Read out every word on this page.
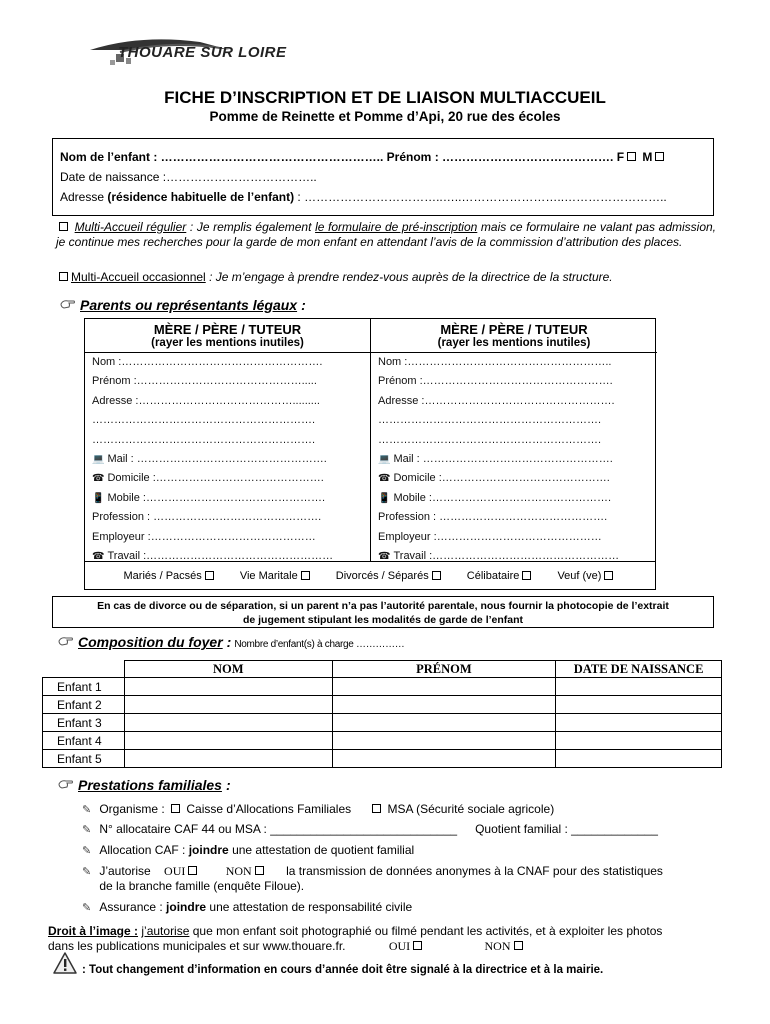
THOUARE SUR LOIRE
FICHE D’INSCRIPTION ET DE LIAISON MULTIACCUEIL
Pomme de Reinette et Pomme d’Api, 20 rue des écoles
Nom de l’enfant : ……………………………………………….. Prénom : ……………………………………. F M
Date de naissance :………………………………..
Adresse (résidence habituelle de l’enfant) : ……………………………..…..……………………..……………………..
Multi-Accueil régulier : Je remplis également le formulaire de pré-inscription mais ce formulaire ne valant pas admission, je continue mes recherches pour la garde de mon enfant en attendant l’avis de la commission d’attribution des places.
Multi-Accueil occasionnel : Je m’engage à prendre rendez-vous auprès de la directrice de la structure.
Parents ou représentants légaux :
MÈRE / PÈRE / TUTEUR
(rayer les mentions inutiles)
Nom :……………………………………………….
Prénom :……………………………………….....
Adresse :…………………………………….........
…………………………………………………….
…………………………………………………….
💻 Mail : …………………………………………….
☎ Domicile :……………………………………….
📱 Mobile :………………………………………….
Profession : ……………………………………….
Employeur :………………………………………
☎ Travail :……………………………………………
MÈRE / PÈRE / TUTEUR
(rayer les mentions inutiles)
Nom :………………………………………………..
Prénom :…………………………………………….
Adresse :…………………………………………….
…………………………………………………….
…………………………………………………….
💻 Mail : …………………………………………….
☎ Domicile :……………………………………….
📱 Mobile :………………………………………….
Profession : ……………………………………….
Employeur :………………………………………
☎ Travail :……………………………………………
Mariés / Pacsés	Vie Maritale	Divorcés / Séparés	Célibataire	Veuf (ve)
En cas de divorce ou de séparation, si un parent n’a pas l’autorité parentale, nous fournir la photocopie de l’extrait
de jugement stipulant les modalités de garde de l’enfant
Composition du foyer : Nombre d’enfant(s) à charge ……………
	NOM	PRÉNOM	DATE DE NAISSANCE
Enfant 1			
Enfant 2			
Enfant 3			
Enfant 4			
Enfant 5			
Prestations familiales :
✎ Organisme :  Caisse d’Allocations Familiales	MSA (Sécurité sociale agricole)
✎ N° allocataire CAF 44 ou MSA : ____________________________ Quotient familial : _____________
✎ Allocation CAF : joindre une attestation de quotient familial
✎ J’autorise OUI	NON	la transmission de données anonymes à la CNAF pour des statistiques
de la branche famille (enquête Filoue).
✎ Assurance : joindre une attestation de responsabilité civile
Droit à l’image : j’autorise que mon enfant soit photographié ou filmé pendant les activités, et à exploiter les photos
dans les publications municipales et sur www.thouare.fr.	OUI	NON
: Tout changement d’information en cours d’année doit être signalé à la directrice et à la mairie.
